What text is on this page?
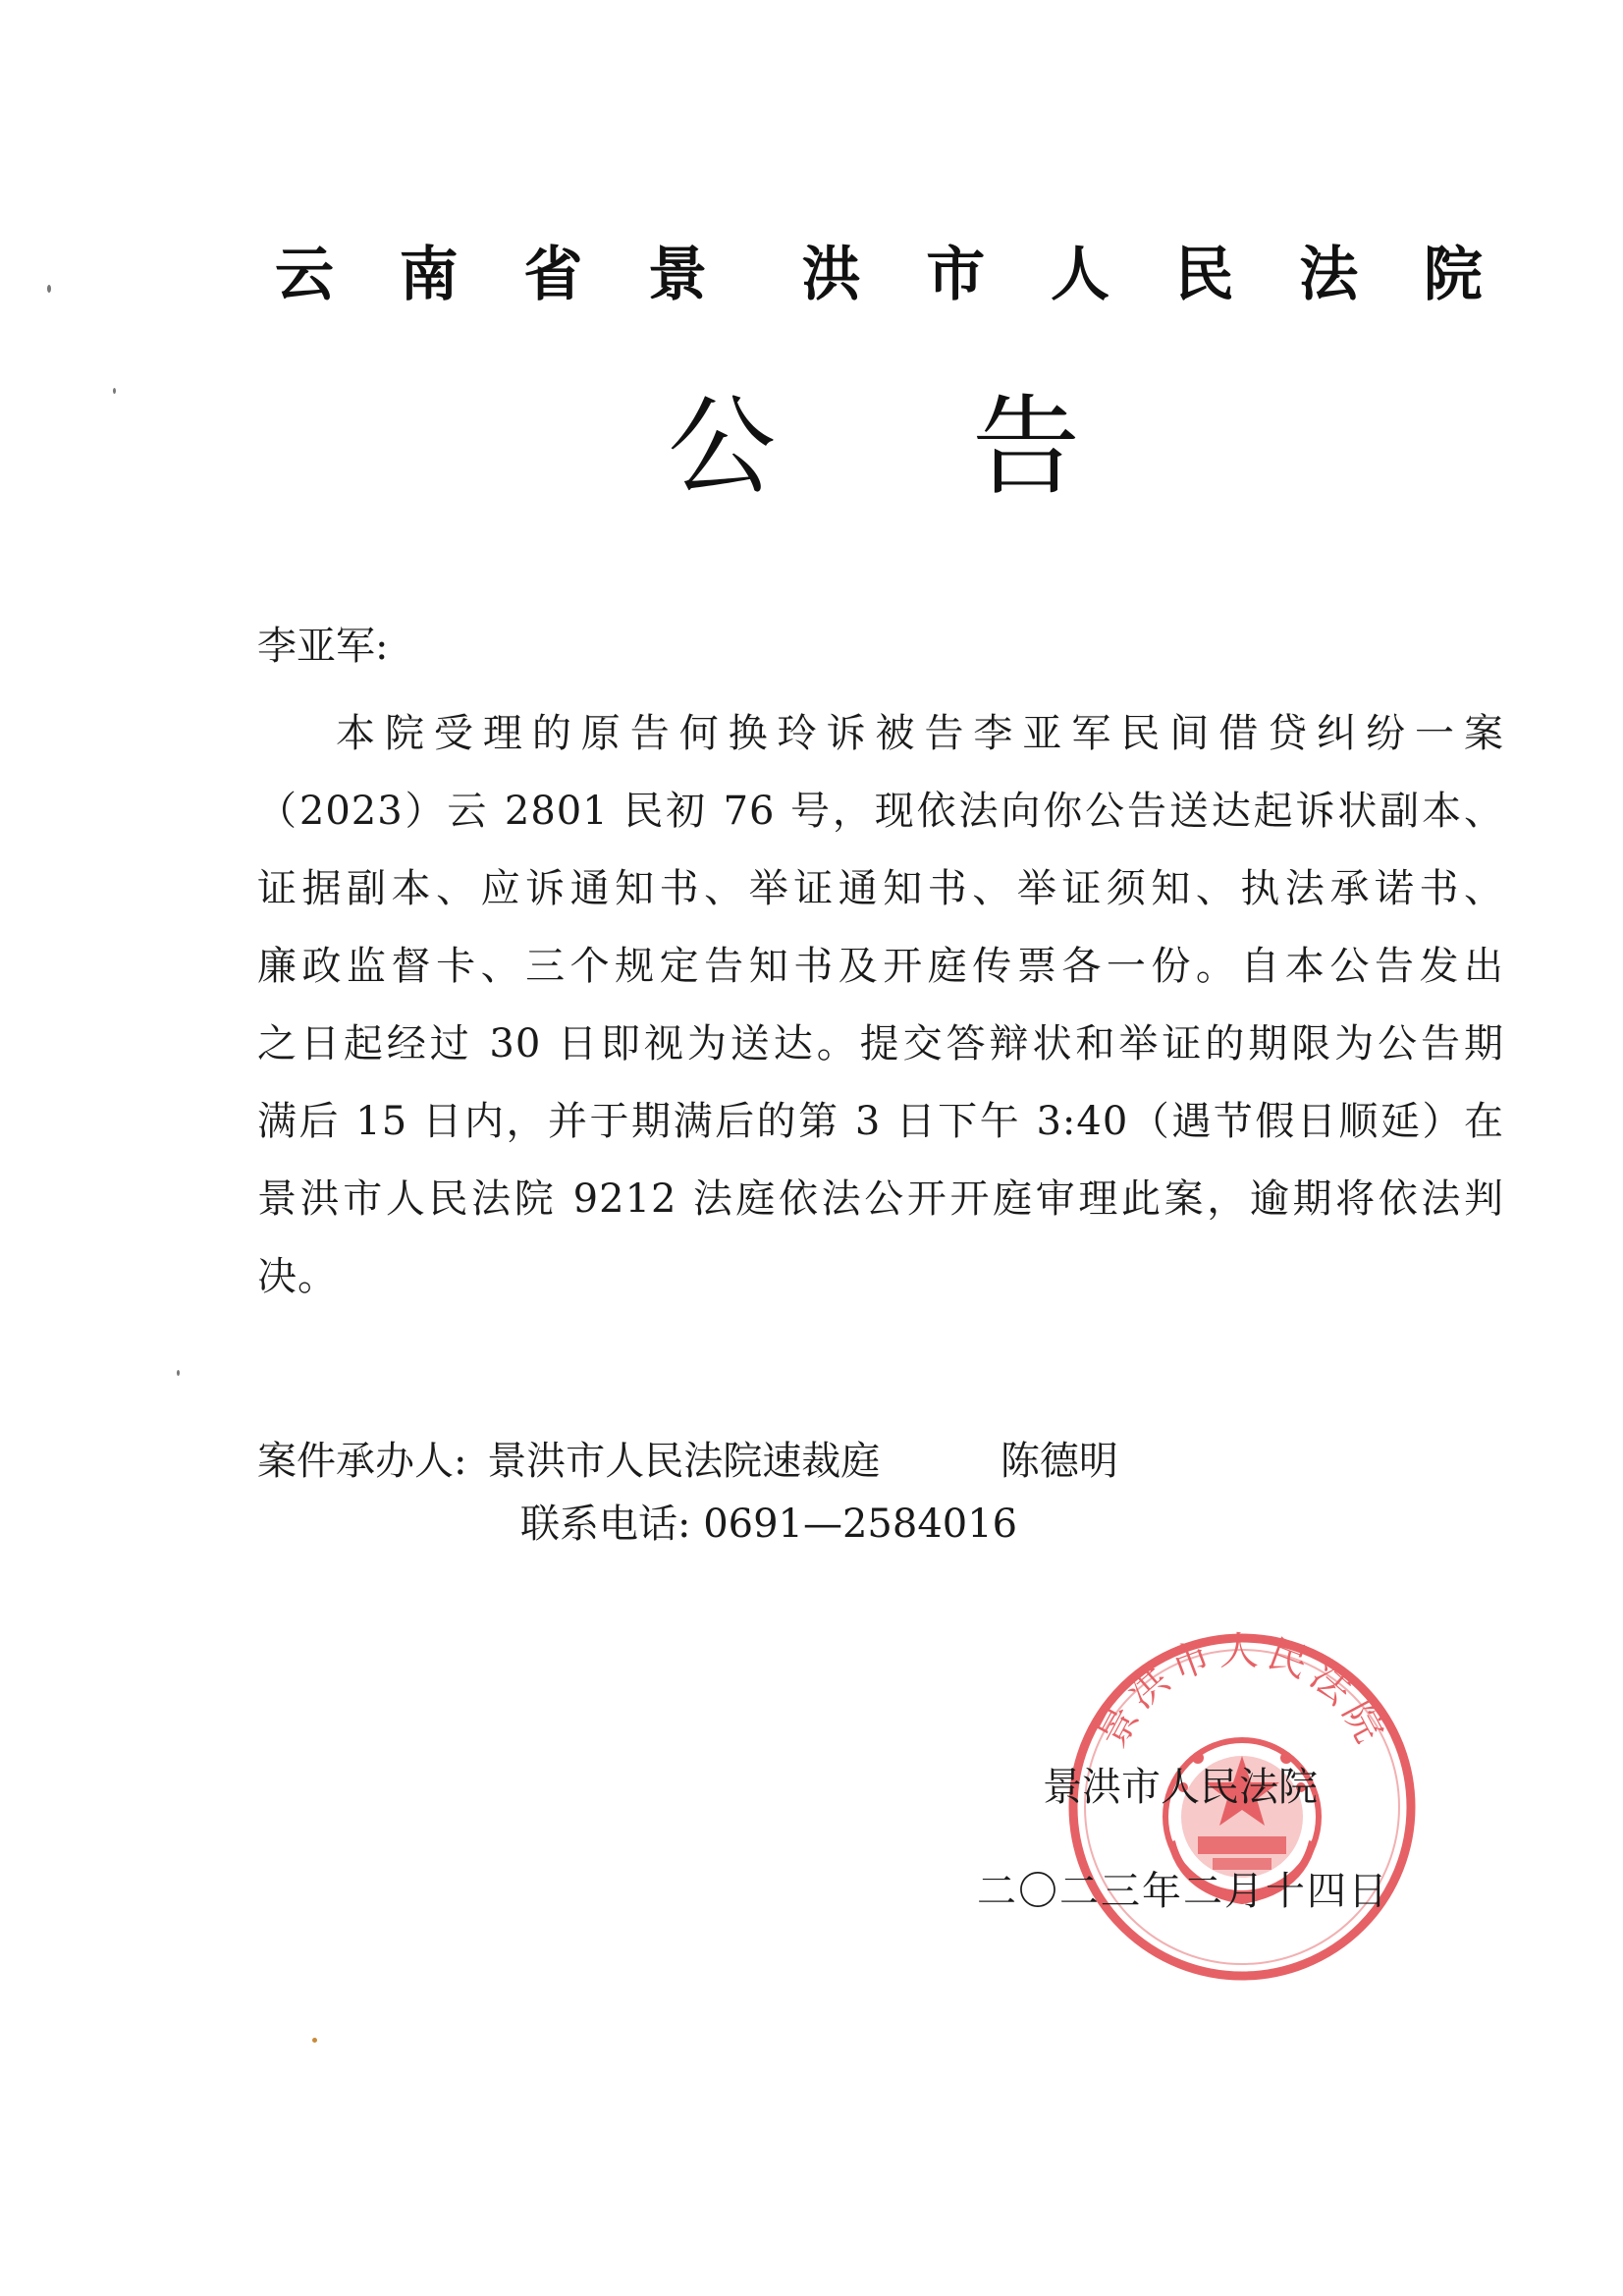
云 南 省 景 洪 市 人 民 法 院
公 告
李亚军:
本院受理的原告何换玲诉被告李亚军民间借贷纠纷一案
（2023）云 2801 民初 76 号，现依法向你公告送达起诉状副本、
证据副本、应诉通知书、举证通知书、举证须知、执法承诺书、
廉政监督卡、三个规定告知书及开庭传票各一份。自本公告发出
之日起经过 30 日即视为送达。提交答辩状和举证的期限为公告期
满后 15 日内，并于期满后的第 3 日下午 3:40（遇节假日顺延）在
景洪市人民法院 9212 法庭依法公开开庭审理此案，逾期将依法判
决。
案件承办人: 景洪市人民法院速裁庭	陈德明
联系电话: 0691—2584016
景洪市人民法院
景洪市人民法院
二〇二三年二月十四日
